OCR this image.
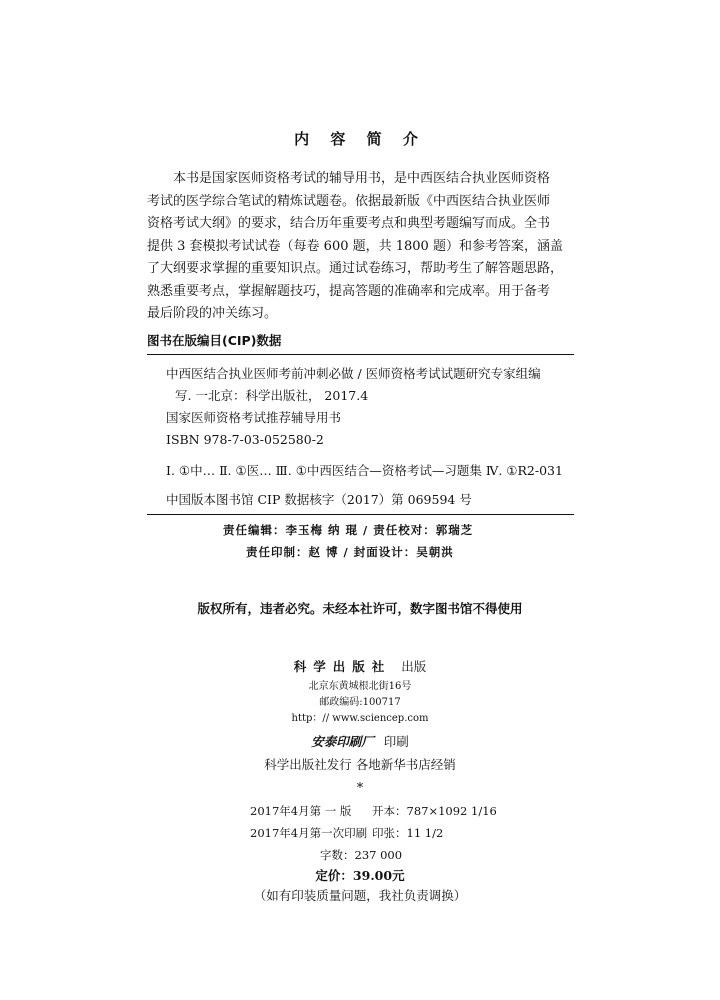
内 容 简 介

本书是国家医师资格考试的辅导用书，是中西医结合执业医师资格

考试的医学综合笔试的精炼试题卷。依据最新版《中西医结合执业医师

资格考试大纲》的要求，结合历年重要考点和典型考题编写而成。全书

提供 3 套模拟考试试卷（每卷 600 题，共 1800 题）和参考答案，涵盖

了大纲要求掌握的重要知识点。通过试卷练习，帮助考生了解答题思路，

熟悉重要考点，掌握解题技巧，提高答题的准确率和完成率。用于备考

最后阶段的冲关练习。

图书在版编目(CIP)数据
中西医结合执业医师考前冲刺必做 / 医师资格考试试题研究专家组编
写. 一北京：科学出版社， 2017.4
国家医师资格考试推荐辅导用书
ISBN 978-7-03-052580-2
Ⅰ. ①中… Ⅱ. ①医… Ⅲ. ①中西医结合—资格考试—习题集 Ⅳ. ①R2-031
中国版本图书馆 CIP 数据核字（2017）第 069594 号
责任编辑：李玉梅 纳 琨 / 责任校对：郭瑞芝
责任印制：赵 博 / 封面设计：吴朝洪
版权所有，违者必究。未经本社许可，数字图书馆不得使用
科学出版社 出版
北京东黄城根北街16号
邮政编码:100717
http：// www.sciencep.com
安泰印刷厂 印刷
科学出版社发行 各地新华书店经销
*
2017年4月第 一 版 开本：787×1092 1/16
2017年4月第一次印刷 印张：11 1/2
字数：237 000
定价：39.00元
（如有印装质量问题，我社负责调换）
